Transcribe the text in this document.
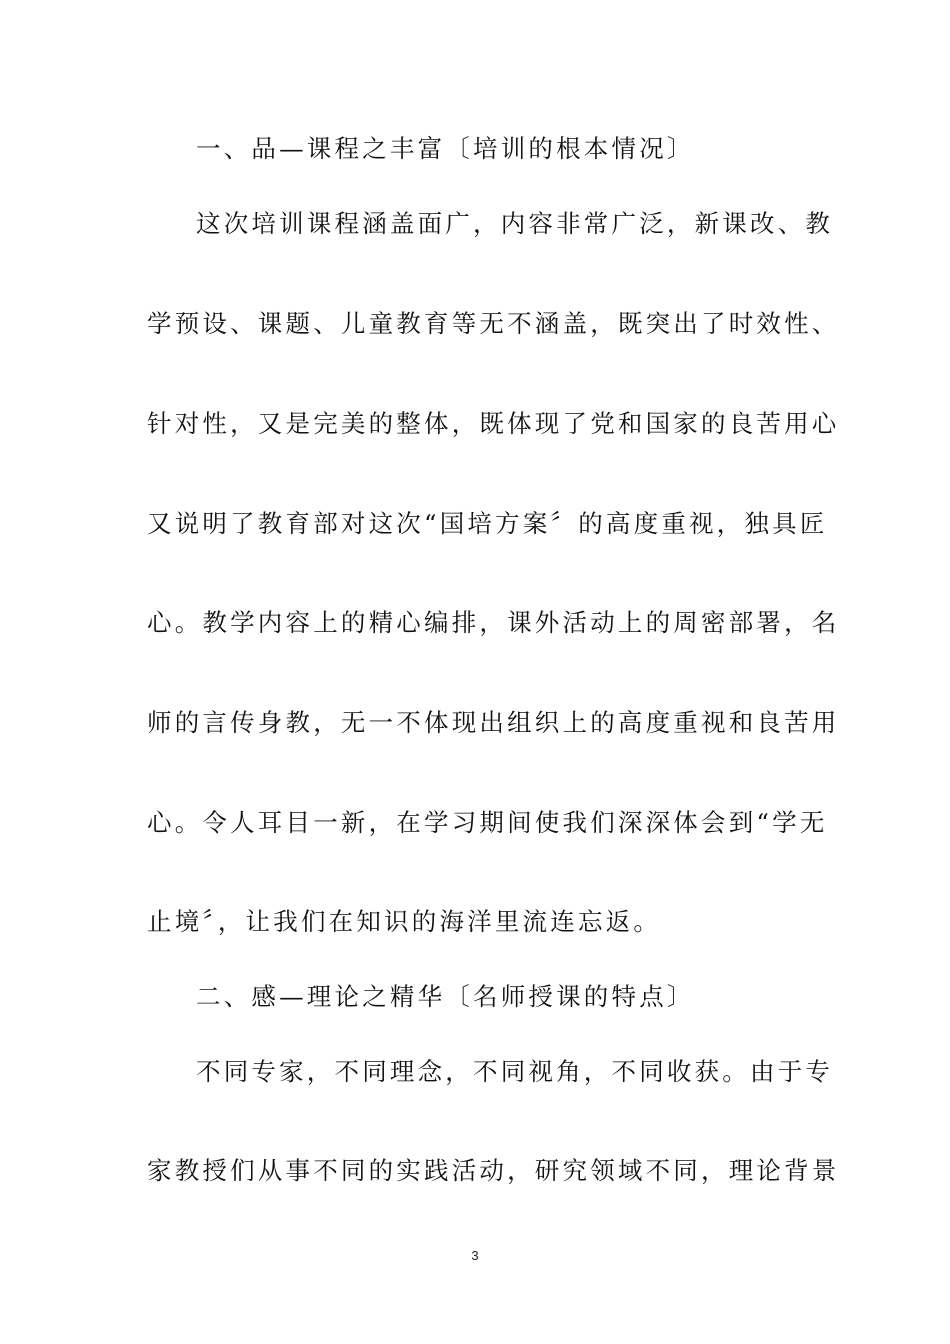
一、品—课程之丰富〔培训的根本情况〕
这次培训课程涵盖面广，内容非常广泛，新课改、教
学预设、课题、儿童教育等无不涵盖，既突出了时效性、
针对性，又是完美的整体，既体现了党和国家的良苦用心
又说明了教育部对这次“国培方案〞的高度重视，独具匠
心。教学内容上的精心编排，课外活动上的周密部署，名
师的言传身教，无一不体现出组织上的高度重视和良苦用
心。令人耳目一新，在学习期间使我们深深体会到“学无
止境〞，让我们在知识的海洋里流连忘返。
二、感—理论之精华〔名师授课的特点〕
不同专家，不同理念，不同视角，不同收获。由于专
家教授们从事不同的实践活动，研究领域不同，理论背景
3
